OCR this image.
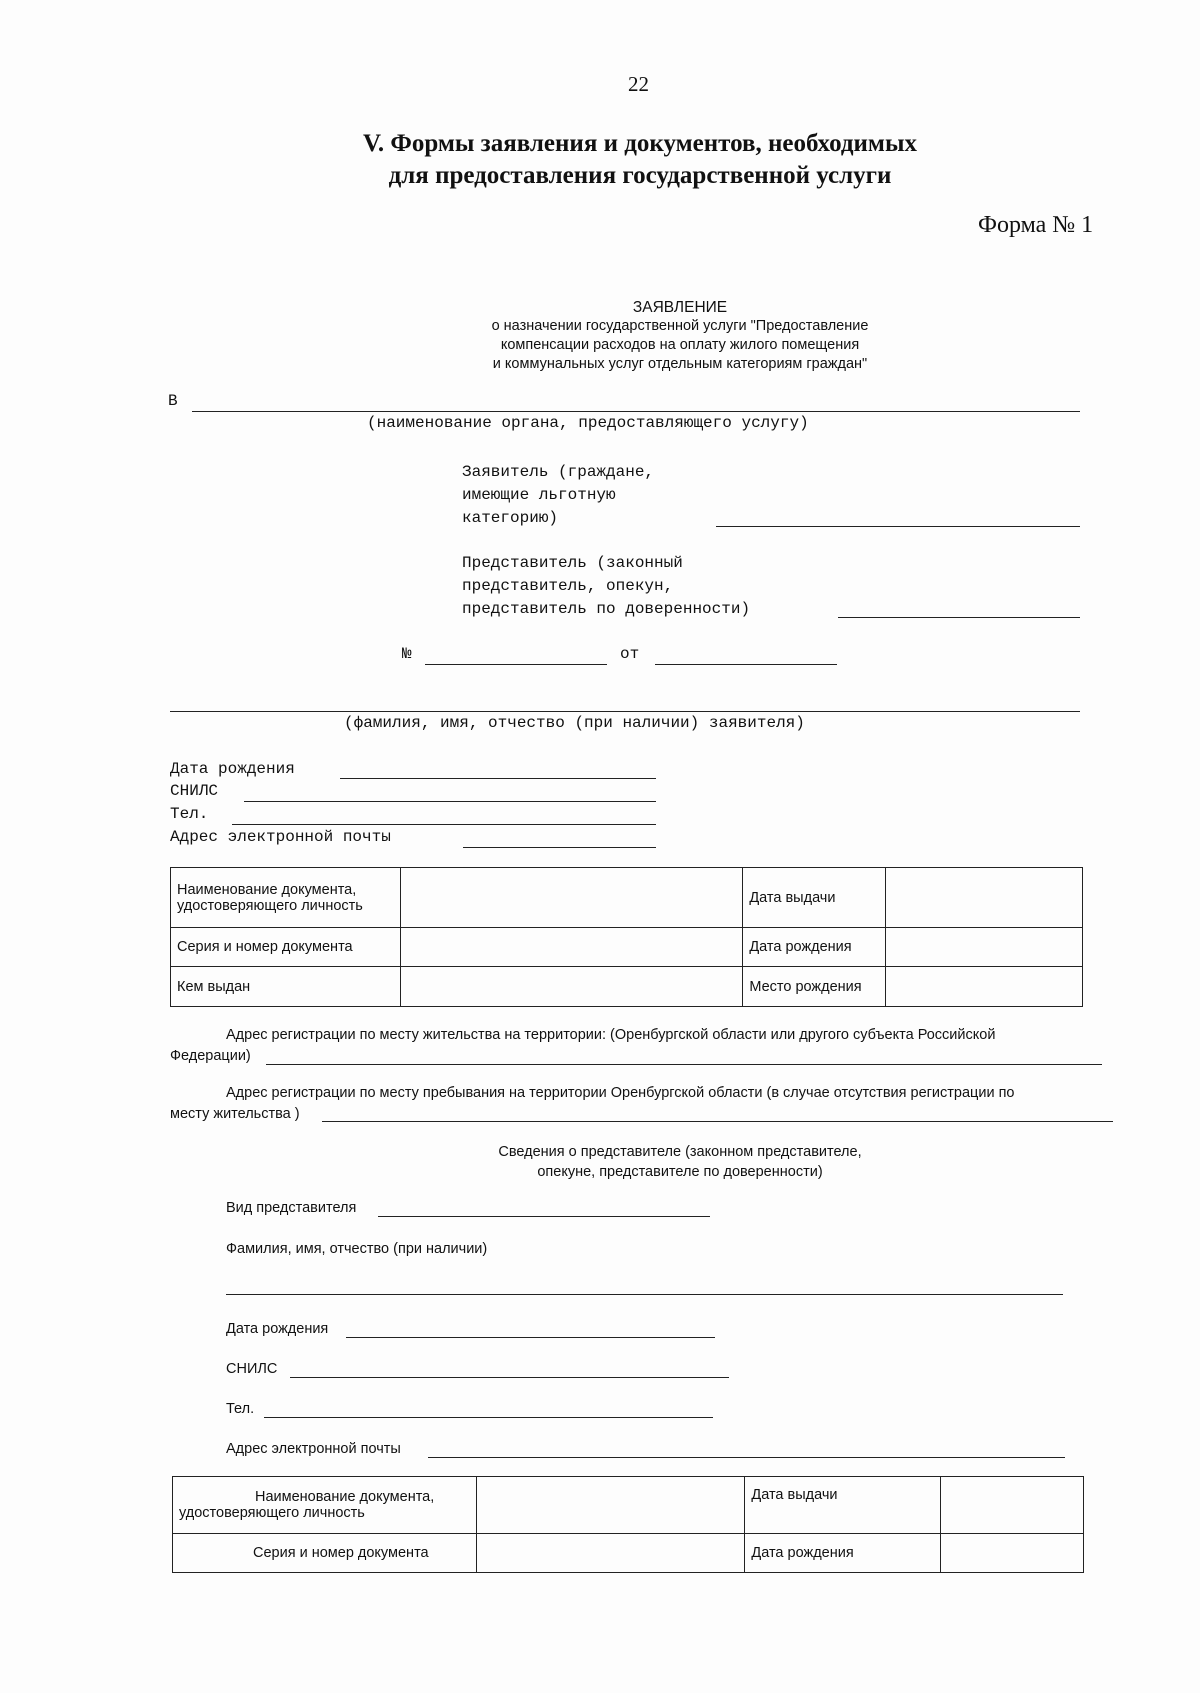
22
V. Формы заявления и документов, необходимых
для предоставления государственной услуги
Форма № 1
ЗАЯВЛЕНИЕ
о назначении государственной услуги "Предоставление
компенсации расходов на оплату жилого помещения
и коммунальных услуг отдельным категориям граждан"
В
(наименование органа, предоставляющего услугу)
Заявитель (граждане,
имеющие льготную
категорию)
Представитель (законный
представитель, опекун,
представитель по доверенности)
№	от
(фамилия, имя, отчество (при наличии) заявителя)
Дата рождения
СНИЛС
Тел.
Адрес электронной почты
Наименование документа, удостоверяющего личность		Дата выдачи	
Серия и номер документа		Дата рождения	
Кем выдан		Место рождения	
Адрес регистрации по месту жительства на территории: (Оренбургской области или другого субъекта Российской
Федерации)
Адрес регистрации по месту пребывания на территории Оренбургской области (в случае отсутствия регистрации по
месту жительства )
Сведения о представителе (законном представителе,
опекуне, представителе по доверенности)
Вид представителя
Фамилия, имя, отчество (при наличии)
Дата рождения
СНИЛС
Тел.
Адрес электронной почты
Наименование документа,
удостоверяющего личность		Дата выдачи	
Серия и номер документа		Дата рождения	
